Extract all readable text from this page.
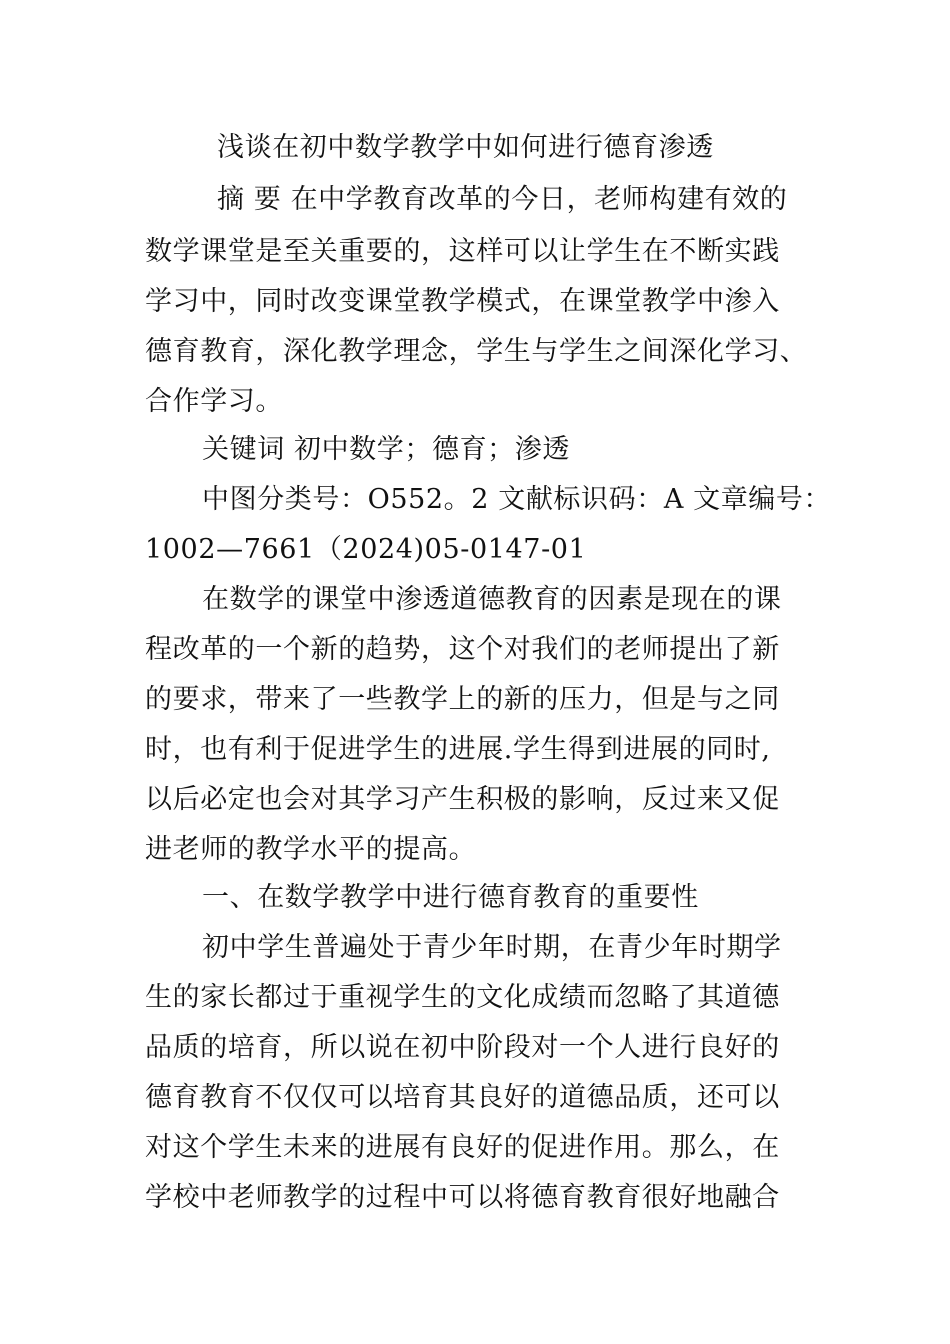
浅谈在初中数学教学中如何进行德育渗透
摘 要 在中学教育改革的今日，老师构建有效的
数学课堂是至关重要的，这样可以让学生在不断实践
学习中，同时改变课堂教学模式，在课堂教学中渗入
德育教育，深化教学理念，学生与学生之间深化学习、
合作学习。
关键词 初中数学；德育；渗透
中图分类号：O552。2 文献标识码：A 文章编号：
1002—7661（2024)05-0147-01
在数学的课堂中渗透道德教育的因素是现在的课
程改革的一个新的趋势，这个对我们的老师提出了新
的要求，带来了一些教学上的新的压力，但是与之同
时，也有利于促进学生的进展.学生得到进展的同时,
以后必定也会对其学习产生积极的影响，反过来又促
进老师的教学水平的提高。
一、在数学教学中进行德育教育的重要性
初中学生普遍处于青少年时期，在青少年时期学
生的家长都过于重视学生的文化成绩而忽略了其道德
品质的培育，所以说在初中阶段对一个人进行良好的
德育教育不仅仅可以培育其良好的道德品质，还可以
对这个学生未来的进展有良好的促进作用。那么，在
学校中老师教学的过程中可以将德育教育很好地融合
